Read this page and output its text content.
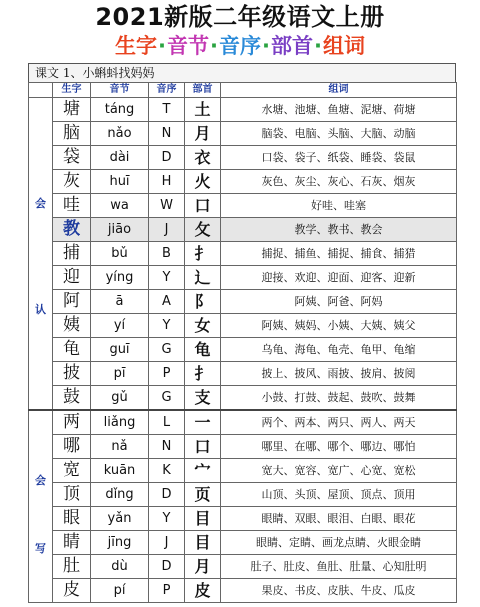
2021新版二年级语文上册
生字·音节·音序·部首·组词
课文 1、小蝌蚪找妈妈
	生字	音节	音序	部首	组词

会
认	塘	táng	T	土	水塘、池塘、鱼塘、泥塘、荷塘
	脑	nǎo	N	月	脑袋、电脑、头脑、大脑、动脑
	袋	dài	D	衣	口袋、袋子、纸袋、睡袋、袋鼠
	灰	huī	H	火	灰色、灰尘、灰心、石灰、烟灰
	哇	wa	W	口	好哇、哇塞
	教	jiāo	J	攵	教学、教书、教会
	捕	bǔ	B	扌	捕捉、捕鱼、捕捉、捕食、捕猎
	迎	yíng	Y	辶	迎接、欢迎、迎面、迎客、迎新
	阿	ā	A	阝	阿姨、阿爸、阿妈
	姨	yí	Y	女	阿姨、姨妈、小姨、大姨、姨父
	龟	guī	G	龟	乌龟、海龟、龟壳、龟甲、龟缩
	披	pī	P	扌	披上、披风、雨披、披肩、披阅
	鼓	gǔ	G	支	小鼓、打鼓、鼓起、鼓吹、鼓舞

会
写	两	liǎng	L	一	两个、两本、两只、两人、两天
	哪	nǎ	N	口	哪里、在哪、哪个、哪边、哪怕
	宽	kuān	K	宀	宽大、宽容、宽广、心宽、宽松
	顶	dǐng	D	页	山顶、头顶、屋顶、顶点、顶用
	眼	yǎn	Y	目	眼睛、双眼、眼泪、白眼、眼花
	睛	jīng	J	目	眼睛、定睛、画龙点睛、火眼金睛
	肚	dù	D	月	肚子、肚皮、鱼肚、肚量、心知肚明
	皮	pí	P	皮	果皮、书皮、皮肤、牛皮、瓜皮
